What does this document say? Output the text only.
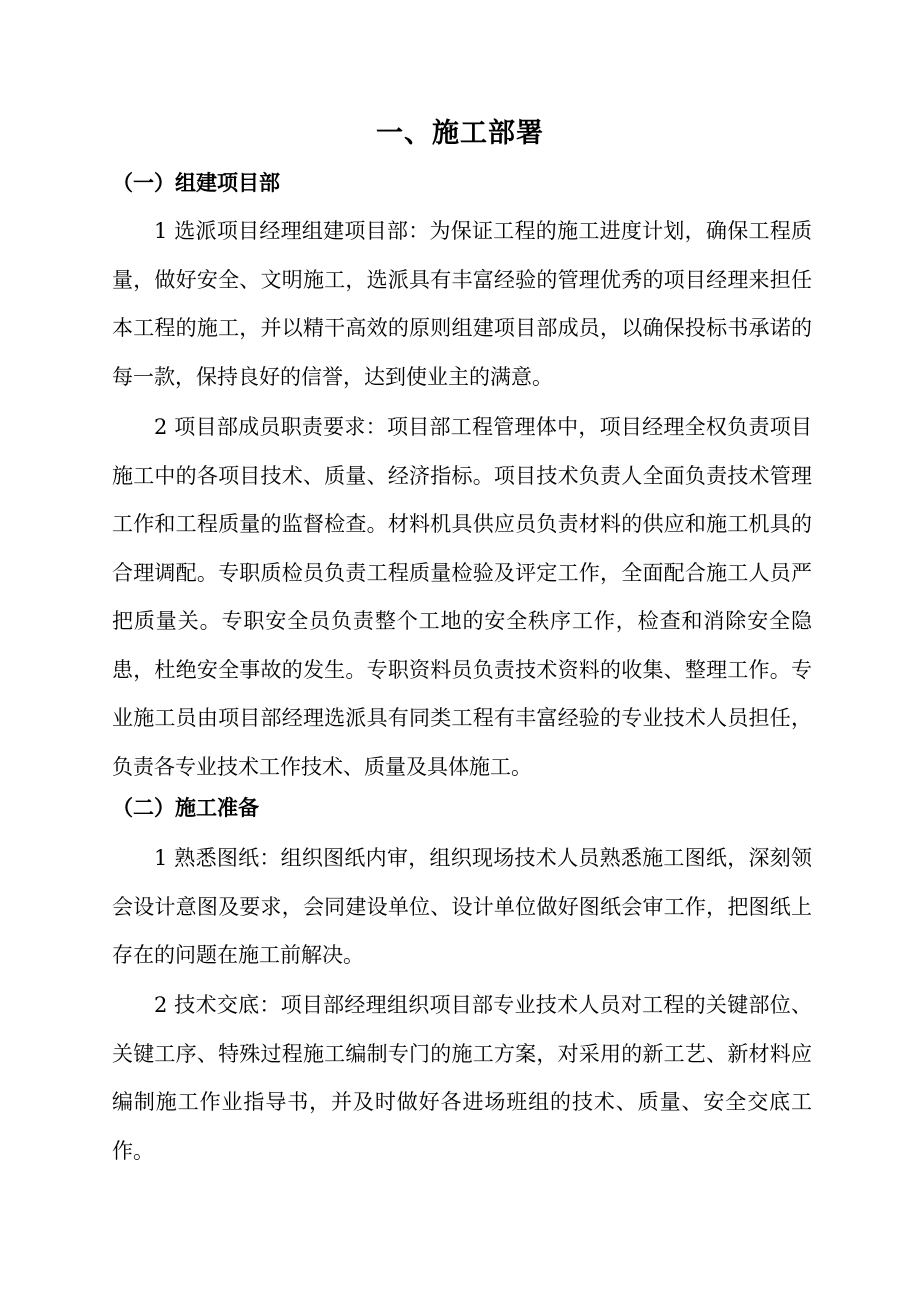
一、施工部署
（一）组建项目部
1 选派项目经理组建项目部：为保证工程的施工进度计划，确保工程质量，做好安全、文明施工，选派具有丰富经验的管理优秀的项目经理来担任本工程的施工，并以精干高效的原则组建项目部成员，以确保投标书承诺的每一款，保持良好的信誉，达到使业主的满意。
2 项目部成员职责要求：项目部工程管理体中，项目经理全权负责项目施工中的各项目技术、质量、经济指标。项目技术负责人全面负责技术管理工作和工程质量的监督检查。材料机具供应员负责材料的供应和施工机具的合理调配。专职质检员负责工程质量检验及评定工作，全面配合施工人员严把质量关。专职安全员负责整个工地的安全秩序工作，检查和消除安全隐患，杜绝安全事故的发生。专职资料员负责技术资料的收集、整理工作。专业施工员由项目部经理选派具有同类工程有丰富经验的专业技术人员担任，负责各专业技术工作技术、质量及具体施工。
（二）施工准备
1 熟悉图纸：组织图纸内审，组织现场技术人员熟悉施工图纸，深刻领会设计意图及要求，会同建设单位、设计单位做好图纸会审工作，把图纸上存在的问题在施工前解决。
2 技术交底：项目部经理组织项目部专业技术人员对工程的关键部位、关键工序、特殊过程施工编制专门的施工方案，对采用的新工艺、新材料应编制施工作业指导书，并及时做好各进场班组的技术、质量、安全交底工作。
